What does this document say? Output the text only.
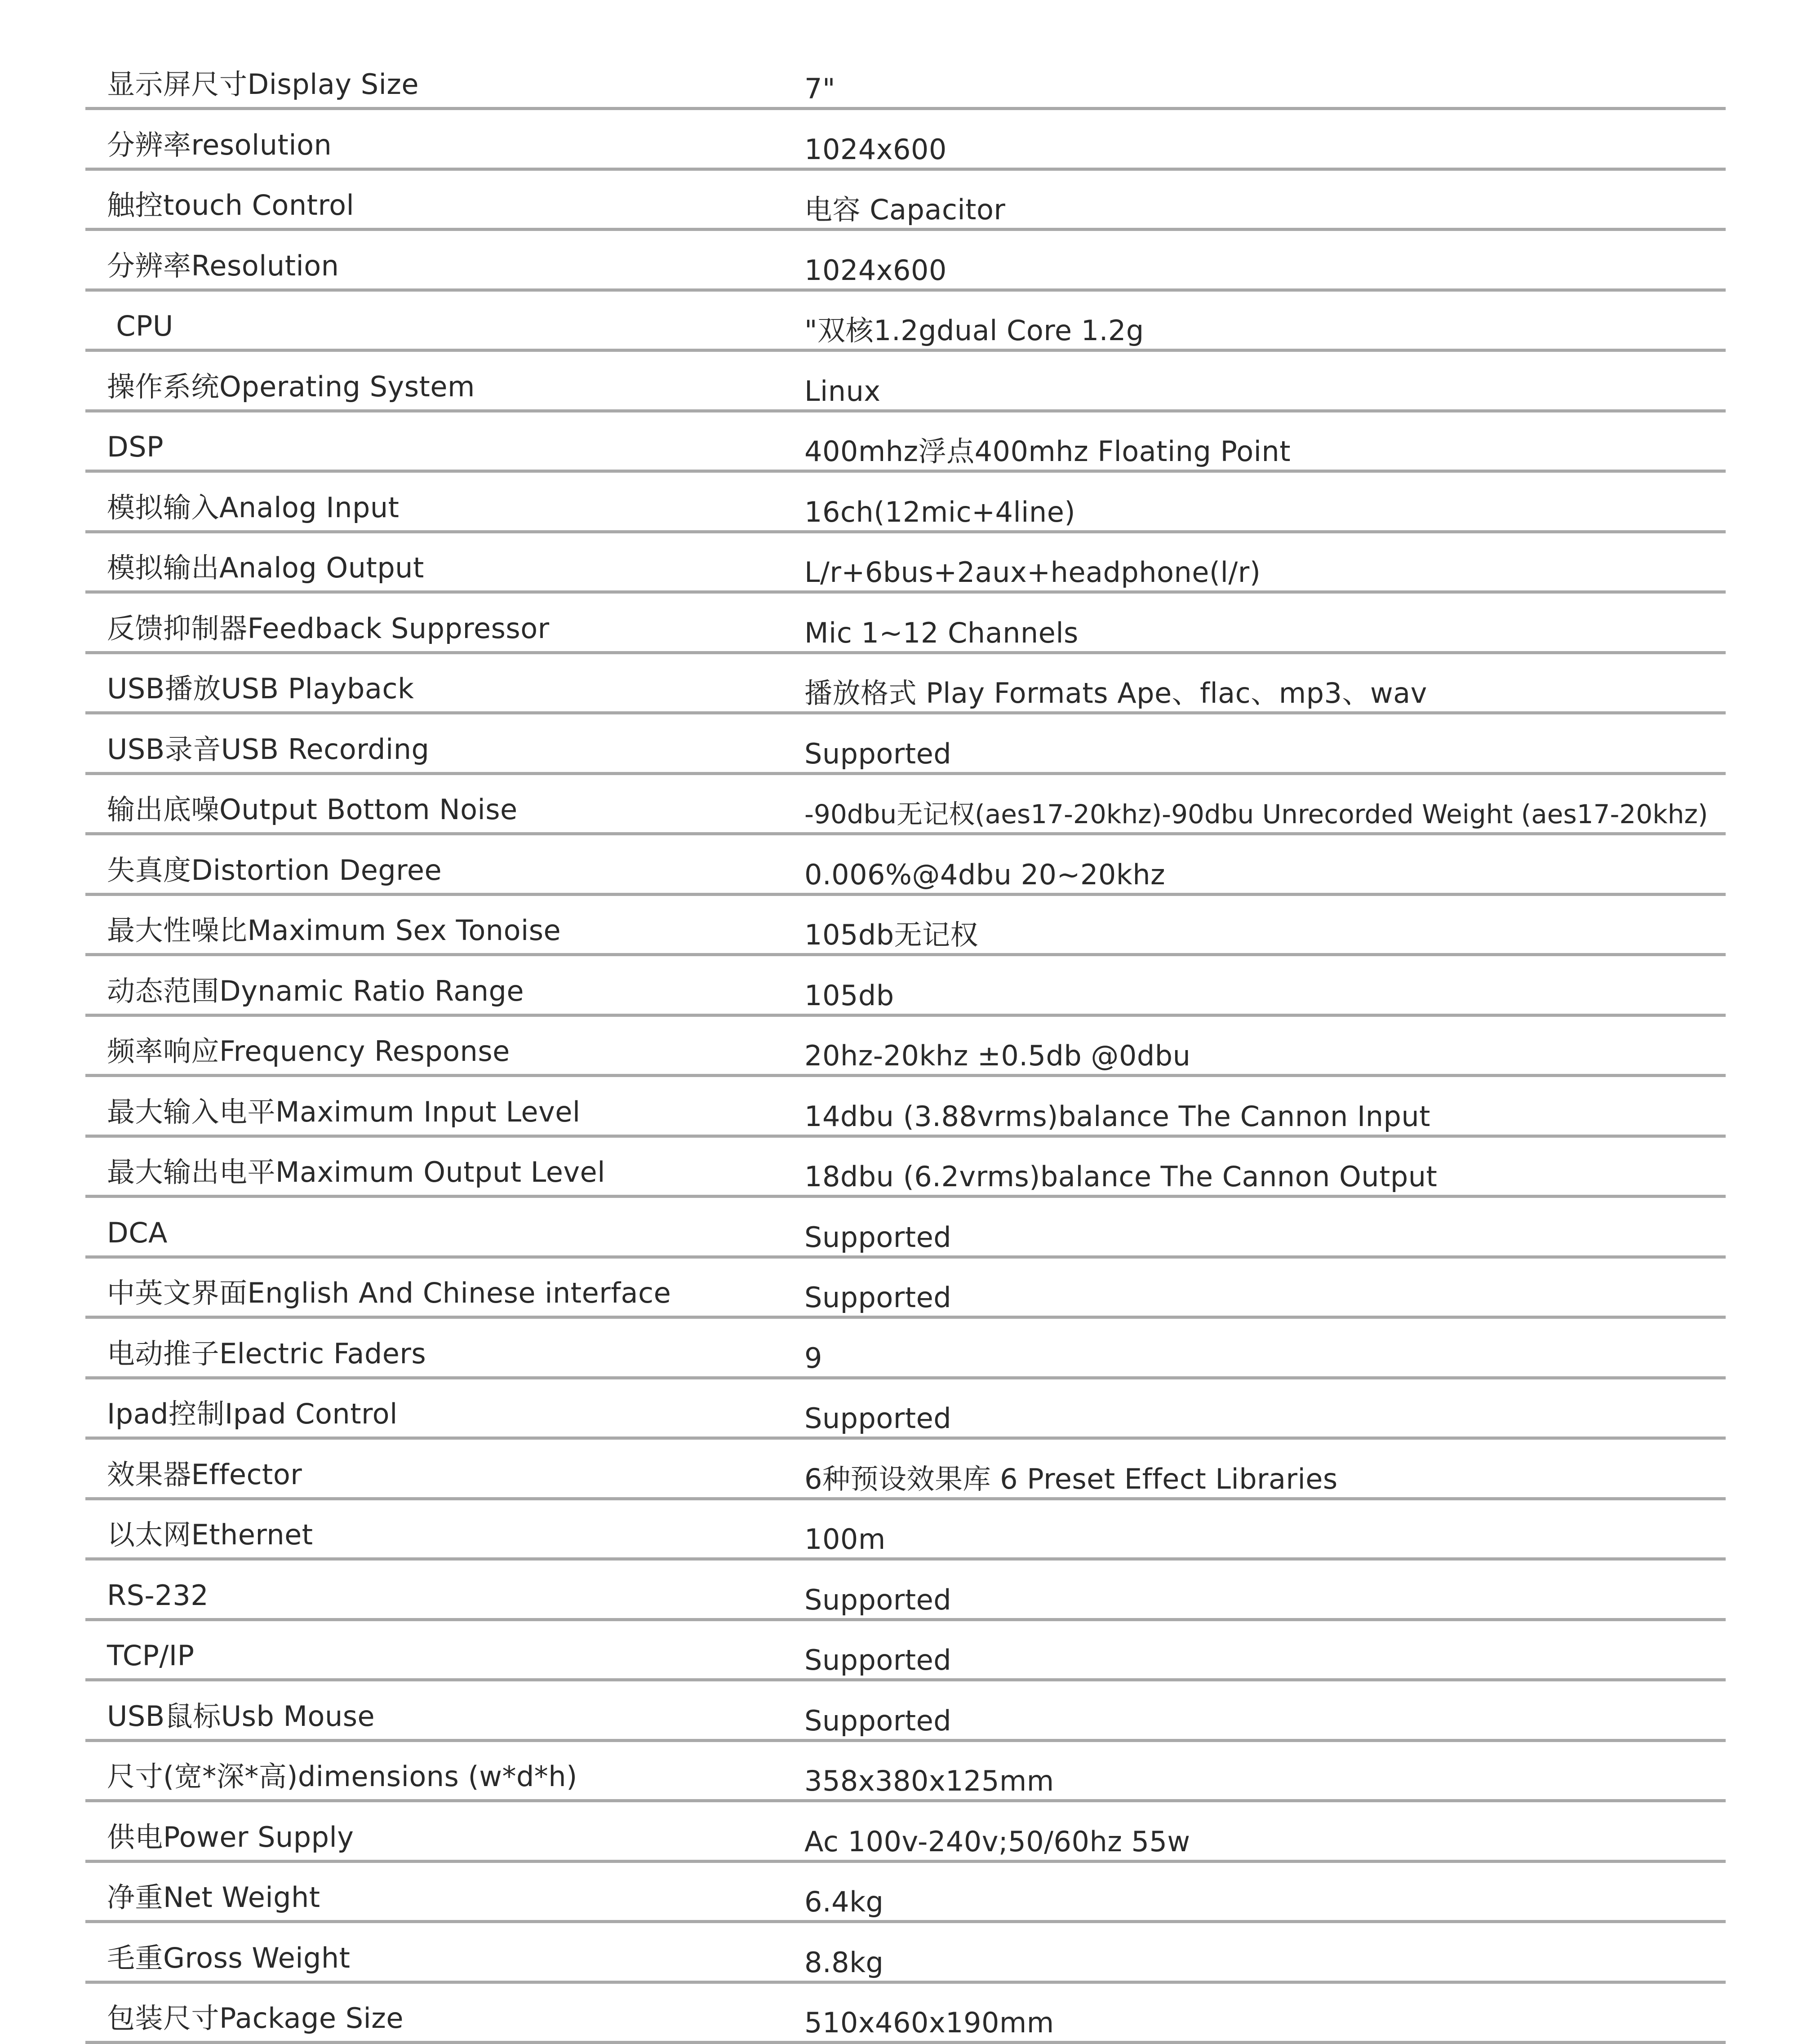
显示屏尺寸Display Size	7"
分辨率resolution	1024x600
触控touch Control	电容 Capacitor
分辨率Resolution	1024x600
CPU	"双核1.2gdual Core 1.2g
操作系统Operating System	Linux
DSP	400mhz浮点400mhz Floating Point
模拟输入Analog Input	16ch(12mic+4line)
模拟输出Analog Output	L/r+6bus+2aux+headphone(l/r)
反馈抑制器Feedback Suppressor	Mic 1~12 Channels
USB播放USB Playback	播放格式 Play Formats Ape、flac、mp3、wav
USB录音USB Recording	Supported
输出底噪Output Bottom Noise	-90dbu无记权(aes17-20khz)-90dbu Unrecorded Weight (aes17-20khz)
失真度Distortion Degree	0.006%@4dbu 20~20khz
最大性噪比Maximum Sex Tonoise	105db无记权
动态范围Dynamic Ratio Range	105db
频率响应Frequency Response	20hz-20khz ±0.5db @0dbu
最大输入电平Maximum Input Level	14dbu (3.88vrms)balance The Cannon Input
最大输出电平Maximum Output Level	18dbu (6.2vrms)balance The Cannon Output
DCA	Supported
中英文界面English And Chinese interface	Supported
电动推子Electric Faders	9
Ipad控制Ipad Control	Supported
效果器Effector	6种预设效果库 6 Preset Effect Libraries
以太网Ethernet	100m
RS-232	Supported
TCP/IP	Supported
USB鼠标Usb Mouse	Supported
尺寸(宽*深*高)dimensions (w*d*h)	358x380x125mm
供电Power Supply	Ac 100v-240v;50/60hz 55w
净重Net Weight	6.4kg
毛重Gross Weight	8.8kg
包装尺寸Package Size	510x460x190mm
